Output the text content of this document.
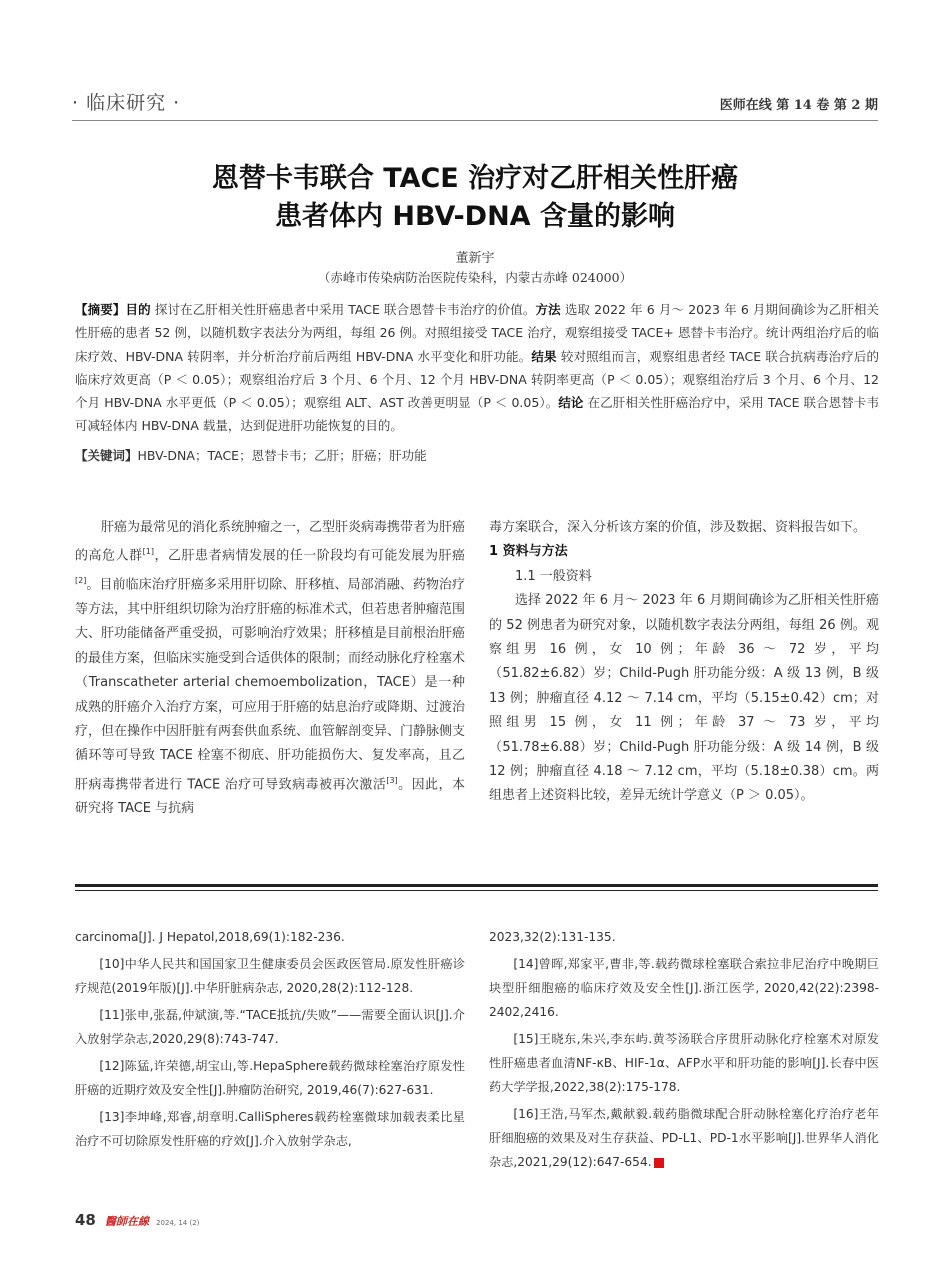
· 临床研究 ·	医师在线 第 14 卷 第 2 期
恩替卡韦联合 TACE 治疗对乙肝相关性肝癌
患者体内 HBV-DNA 含量的影响
董新宇
（赤峰市传染病防治医院传染科，内蒙古赤峰 024000）
【摘要】目的 探讨在乙肝相关性肝癌患者中采用 TACE 联合恩替卡韦治疗的价值。方法 选取 2022 年 6 月～ 2023 年 6 月期间确诊为乙肝相关性肝癌的患者 52 例，以随机数字表法分为两组，每组 26 例。对照组接受 TACE 治疗，观察组接受 TACE+ 恩替卡韦治疗。统计两组治疗后的临床疗效、HBV-DNA 转阴率，并分析治疗前后两组 HBV-DNA 水平变化和肝功能。结果 较对照组而言，观察组患者经 TACE 联合抗病毒治疗后的临床疗效更高（P ＜ 0.05）；观察组治疗后 3 个月、6 个月、12 个月 HBV-DNA 转阴率更高（P ＜ 0.05）；观察组治疗后 3 个月、6 个月、12 个月 HBV-DNA 水平更低（P ＜ 0.05）；观察组 ALT、AST 改善更明显（P ＜ 0.05）。结论 在乙肝相关性肝癌治疗中，采用 TACE 联合恩替卡韦可减轻体内 HBV-DNA 载量，达到促进肝功能恢复的目的。
【关键词】HBV-DNA；TACE；恩替卡韦；乙肝；肝癌；肝功能

肝癌为最常见的消化系统肿瘤之一，乙型肝炎病毒携带者为肝癌的高危人群[1]，乙肝患者病情发展的任一阶段均有可能发展为肝癌[2]。目前临床治疗肝癌多采用肝切除、肝移植、局部消融、药物治疗等方法，其中肝组织切除为治疗肝癌的标准术式，但若患者肿瘤范围大、肝功能储备严重受损，可影响治疗效果；肝移植是目前根治肝癌的最佳方案，但临床实施受到合适供体的限制；而经动脉化疗栓塞术（Transcatheter arterial chemoembolization，TACE）是一种成熟的肝癌介入治疗方案，可应用于肝癌的姑息治疗或降期、过渡治疗，但在操作中因肝脏有两套供血系统、血管解剖变异、门静脉侧支循环等可导致 TACE 栓塞不彻底、肝功能损伤大、复发率高，且乙肝病毒携带者进行 TACE 治疗可导致病毒被再次激活[3]。因此，本研究将 TACE 与抗病

毒方案联合，深入分析该方案的价值，涉及数据、资料报告如下。

1 资料与方法

1.1 一般资料

选择 2022 年 6 月～ 2023 年 6 月期间确诊为乙肝相关性肝癌的 52 例患者为研究对象，以随机数字表法分两组，每组 26 例。观察组男 16 例，女 10 例；年龄 36 ～ 72 岁，平均（51.82±6.82）岁；Child-Pugh 肝功能分级：A 级 13 例，B 级 13 例；肿瘤直径 4.12 ～ 7.14 cm，平均（5.15±0.42）cm；对照组男 15 例，女 11 例；年龄 37 ～ 73 岁，平均（51.78±6.88）岁；Child-Pugh 肝功能分级：A 级 14 例，B 级 12 例；肿瘤直径 4.18 ～ 7.12 cm，平均（5.18±0.38）cm。两组患者上述资料比较，差异无统计学意义（P ＞ 0.05）。

carcinoma[J]. J Hepatol,2018,69(1):182-236.

[10]中华人民共和国国家卫生健康委员会医政医管局.原发性肝癌诊疗规范(2019年版)[J].中华肝脏病杂志, 2020,28(2):112-128.

[11]张申,张磊,仲斌演,等.“TACE抵抗/失败”——需要全面认识[J].介入放射学杂志,2020,29(8):743-747.

[12]陈猛,许荣德,胡宝山,等.HepaSphere载药微球栓塞治疗原发性肝癌的近期疗效及安全性[J].肿瘤防治研究, 2019,46(7):627-631.

[13]李坤峰,郑睿,胡章明.CalliSpheres载药栓塞微球加载表柔比星治疗不可切除原发性肝癌的疗效[J].介入放射学杂志,

2023,32(2):131-135.

[14]曾晖,郑家平,曹非,等.载药微球栓塞联合索拉非尼治疗中晚期巨块型肝细胞癌的临床疗效及安全性[J].浙江医学, 2020,42(22):2398-2402,2416.

[15]王晓东,朱兴,李东屿.黄芩汤联合序贯肝动脉化疗栓塞术对原发性肝癌患者血清NF-κB、HIF-1α、AFP水平和肝功能的影响[J].长春中医药大学学报,2022,38(2):175-178.

[16]王浩,马军杰,戴献毅.载药脂微球配合肝动脉栓塞化疗治疗老年肝细胞癌的效果及对生存获益、PD-L1、PD-1水平影响[J].世界华人消化杂志,2021,29(12):647-654.

48 醫師在線 2024, 14 (2)
